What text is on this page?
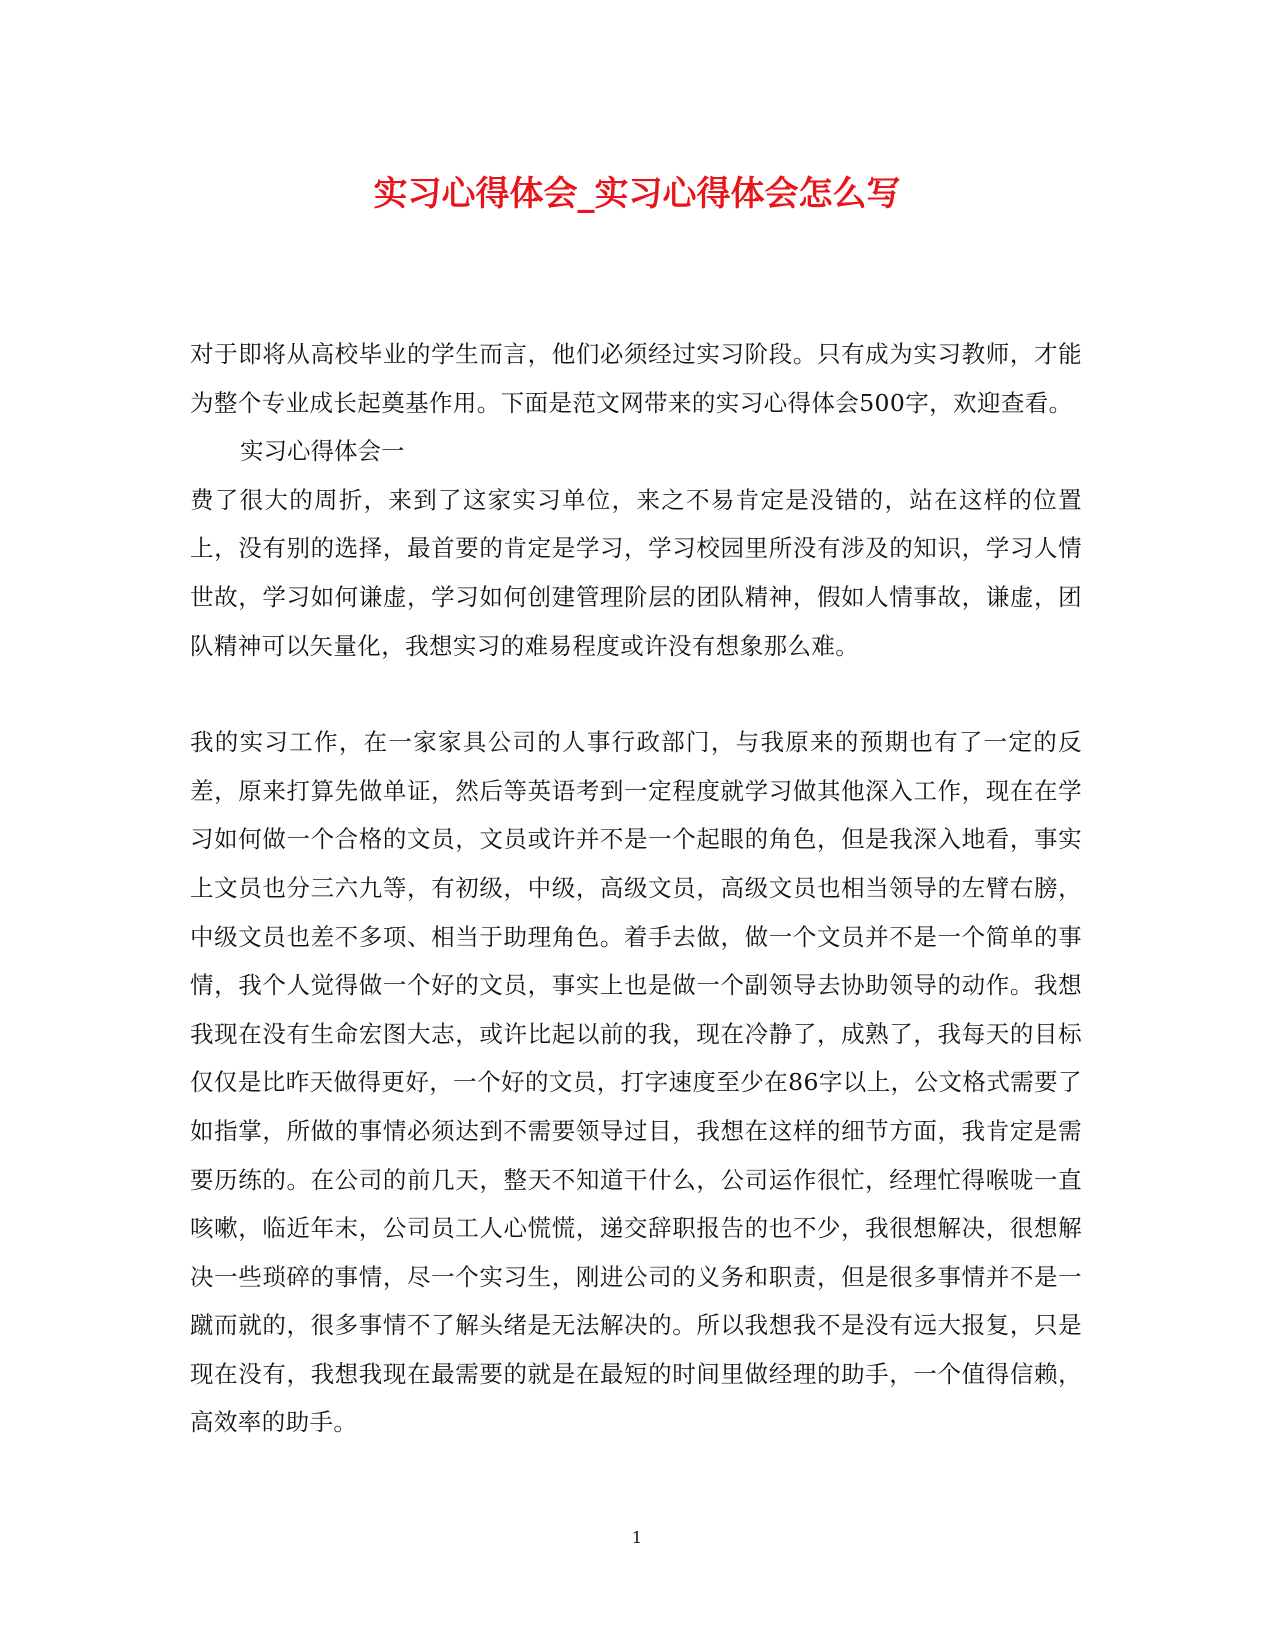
实习心得体会_实习心得体会怎么写

对于即将从高校毕业的学生而言，他们必须经过实习阶段。只有成为实习教师，才能为整个专业成长起奠基作用。下面是范文网带来的实习心得体会500字，欢迎查看。

实习心得体会一

费了很大的周折，来到了这家实习单位，来之不易肯定是没错的，站在这样的位置上，没有别的选择，最首要的肯定是学习，学习校园里所没有涉及的知识，学习人情世故，学习如何谦虚，学习如何创建管理阶层的团队精神，假如人情事故，谦虚，团队精神可以矢量化，我想实习的难易程度或许没有想象那么难。

我的实习工作，在一家家具公司的人事行政部门，与我原来的预期也有了一定的反差，原来打算先做单证，然后等英语考到一定程度就学习做其他深入工作，现在在学习如何做一个合格的文员，文员或许并不是一个起眼的角色，但是我深入地看，事实上文员也分三六九等，有初级，中级，高级文员，高级文员也相当领导的左臂右膀，中级文员也差不多项、相当于助理角色。着手去做，做一个文员并不是一个简单的事情，我个人觉得做一个好的文员，事实上也是做一个副领导去协助领导的动作。我想我现在没有生命宏图大志，或许比起以前的我，现在冷静了，成熟了，我每天的目标仅仅是比昨天做得更好，一个好的文员，打字速度至少在86字以上，公文格式需要了如指掌，所做的事情必须达到不需要领导过目，我想在这样的细节方面，我肯定是需要历练的。在公司的前几天，整天不知道干什么，公司运作很忙，经理忙得喉咙一直咳嗽，临近年末，公司员工人心慌慌，递交辞职报告的也不少，我很想解决，很想解决一些琐碎的事情，尽一个实习生，刚进公司的义务和职责，但是很多事情并不是一蹴而就的，很多事情不了解头绪是无法解决的。所以我想我不是没有远大报复，只是现在没有，我想我现在最需要的就是在最短的时间里做经理的助手，一个值得信赖，高效率的助手。

1
